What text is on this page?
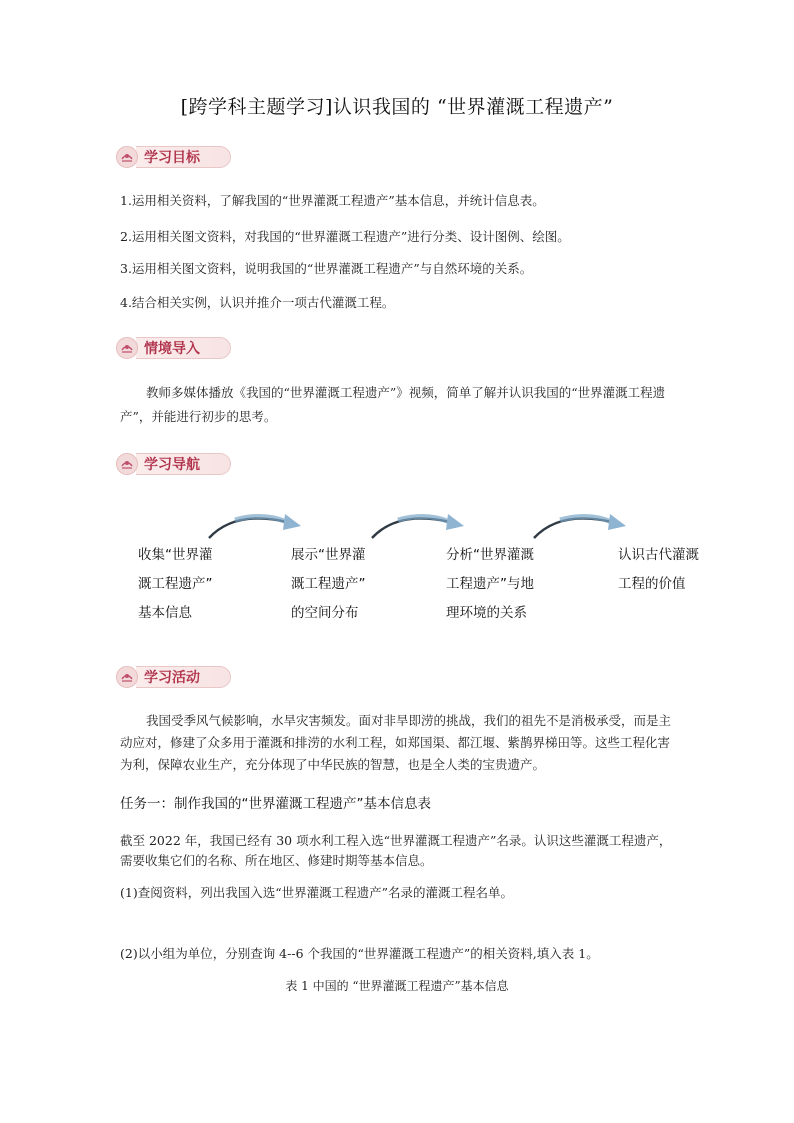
[跨学科主题学习]认识我国的 “世界灌溉工程遗产”
学习目标
1.运用相关资料，了解我国的“世界灌溉工程遗产”基本信息，并统计信息表。
2.运用相关图文资料，对我国的“世界灌溉工程遗产”进行分类、设计图例、绘图。
3.运用相关图文资料，说明我国的“世界灌溉工程遗产”与自然环境的关系。
4.结合相关实例，认识并推介一项古代灌溉工程。
情境导入
教师多媒体播放《我国的“世界灌溉工程遗产”》视频，简单了解并认识我国的“世界灌溉工程遗产”，并能进行初步的思考。
学习导航
收集“世界灌
溉工程遗产”
基本信息
展示“世界灌
溉工程遗产”
的空间分布
分析“世界灌溉
工程遗产”与地
理环境的关系
认识古代灌溉
工程的价值
学习活动
我国受季风气候影响，水旱灾害频发。面对非旱即涝的挑战，我们的祖先不是消极承受，而是主动应对，修建了众多用于灌溉和排涝的水利工程，如郑国渠、都江堰、紫鹊界梯田等。这些工程化害为利，保障农业生产，充分体现了中华民族的智慧，也是全人类的宝贵遗产。
任务一：制作我国的“世界灌溉工程遗产”基本信息表
截至 2022 年，我国已经有 30 项水利工程入选“世界灌溉工程遗产”名录。认识这些灌溉工程遗产，需要收集它们的名称、所在地区、修建时期等基本信息。
(1)查阅资料，列出我国入选“世界灌溉工程遗产”名录的灌溉工程名单。
(2)以小组为单位，分别查询 4--6 个我国的“世界灌溉工程遗产”的相关资料,填入表 1。
表 1 中国的 “世界灌溉工程遗产”基本信息
